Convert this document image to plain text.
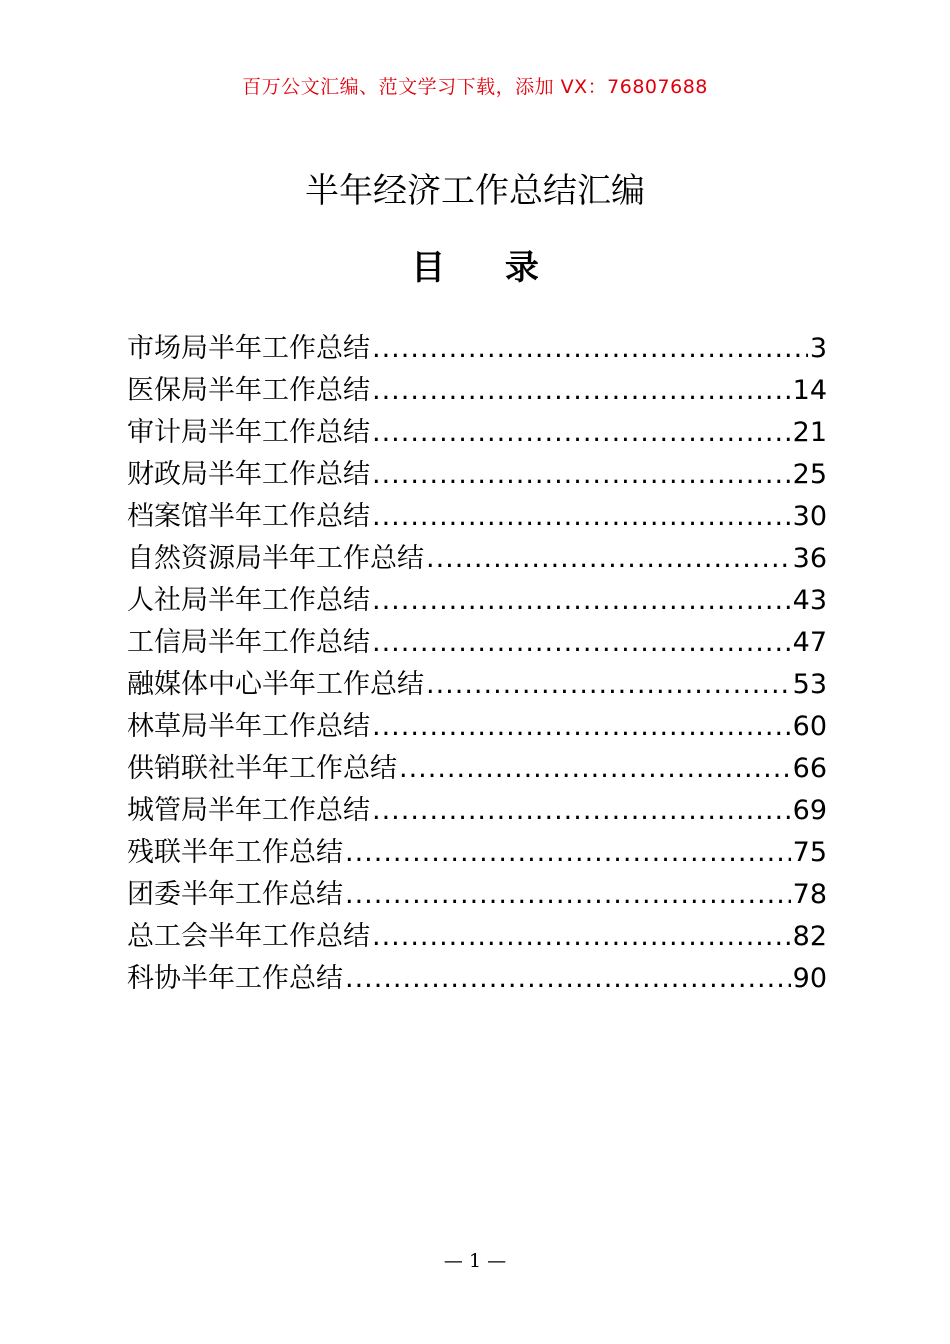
百万公文汇编、范文学习下载，添加 VX：76807688
半年经济工作总结汇编
目 录
市场局半年工作总结 .....	3
医保局半年工作总结 .....	14
审计局半年工作总结 .....	21
财政局半年工作总结 .....	25
档案馆半年工作总结 .....	30
自然资源局半年工作总结 .....	36
人社局半年工作总结 .....	43
工信局半年工作总结 .....	47
融媒体中心半年工作总结 .....	53
林草局半年工作总结 .....	60
供销联社半年工作总结 .....	66
城管局半年工作总结 .....	69
残联半年工作总结 .....	75
团委半年工作总结 .....	78
总工会半年工作总结 .....	82
科协半年工作总结 .....	90
— 1 —
